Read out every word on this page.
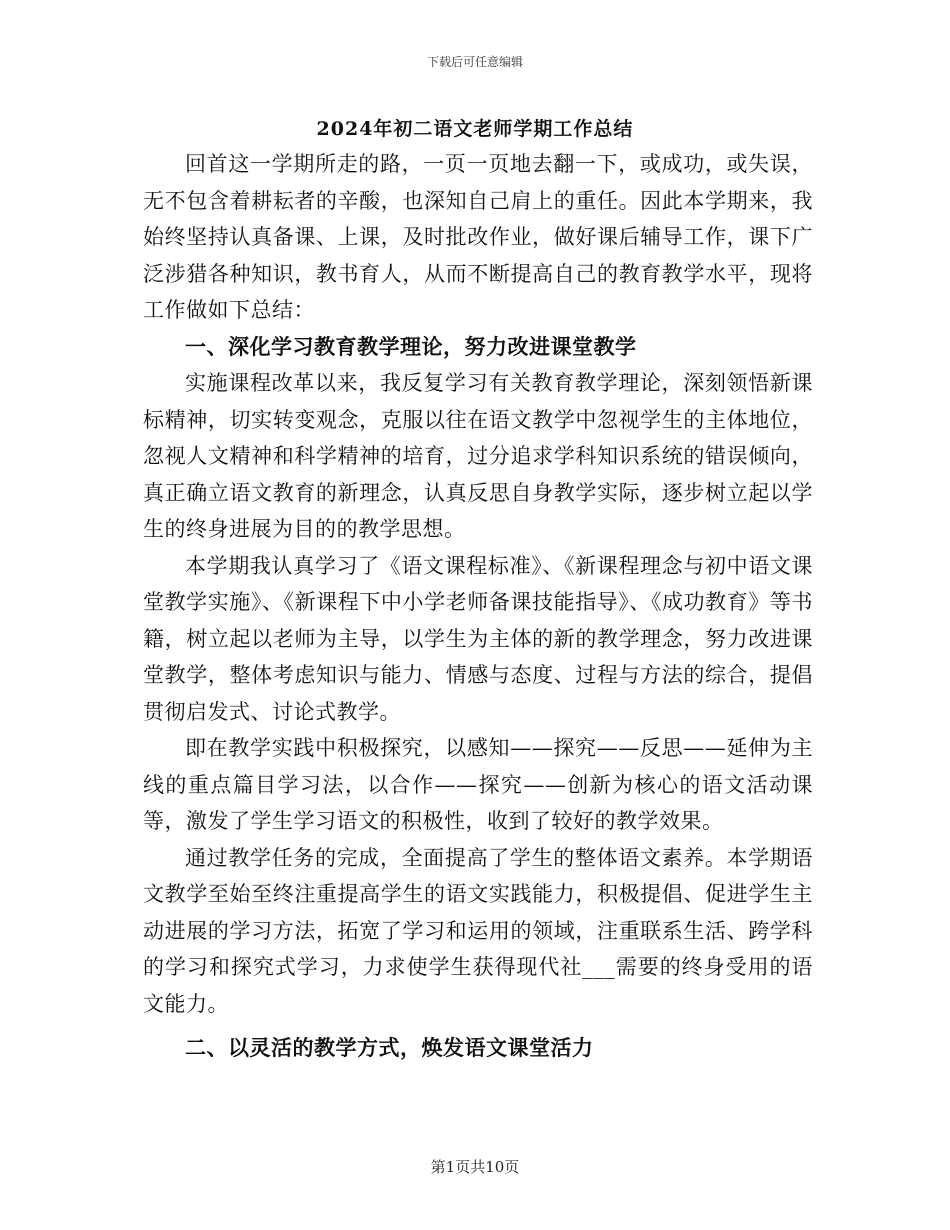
下载后可任意编辑
2024年初二语文老师学期工作总结

回首这一学期所走的路，一页一页地去翻一下，或成功，或失误，无不包含着耕耘者的辛酸，也深知自己肩上的重任。因此本学期来，我始终坚持认真备课、上课，及时批改作业，做好课后辅导工作，课下广泛涉猎各种知识，教书育人，从而不断提高自己的教育教学水平，现将工作做如下总结：

一、深化学习教育教学理论，努力改进课堂教学

实施课程改革以来，我反复学习有关教育教学理论，深刻领悟新课标精神，切实转变观念，克服以往在语文教学中忽视学生的主体地位，忽视人文精神和科学精神的培育，过分追求学科知识系统的错误倾向，真正确立语文教育的新理念，认真反思自身教学实际，逐步树立起以学生的终身进展为目的的教学思想。

本学期我认真学习了《语文课程标准》、《新课程理念与初中语文课堂教学实施》、《新课程下中小学老师备课技能指导》、《成功教育》等书籍，树立起以老师为主导，以学生为主体的新的教学理念，努力改进课堂教学，整体考虑知识与能力、情感与态度、过程与方法的综合，提倡贯彻启发式、讨论式教学。

即在教学实践中积极探究，以感知——探究——反思——延伸为主线的重点篇目学习法，以合作——探究——创新为核心的语文活动课等，激发了学生学习语文的积极性，收到了较好的教学效果。

通过教学任务的完成，全面提高了学生的整体语文素养。本学期语文教学至始至终注重提高学生的语文实践能力，积极提倡、促进学生主动进展的学习方法，拓宽了学习和运用的领域，注重联系生活、跨学科的学习和探究式学习，力求使学生获得现代社___需要的终身受用的语文能力。

二、以灵活的教学方式，焕发语文课堂活力

第1页共10页
